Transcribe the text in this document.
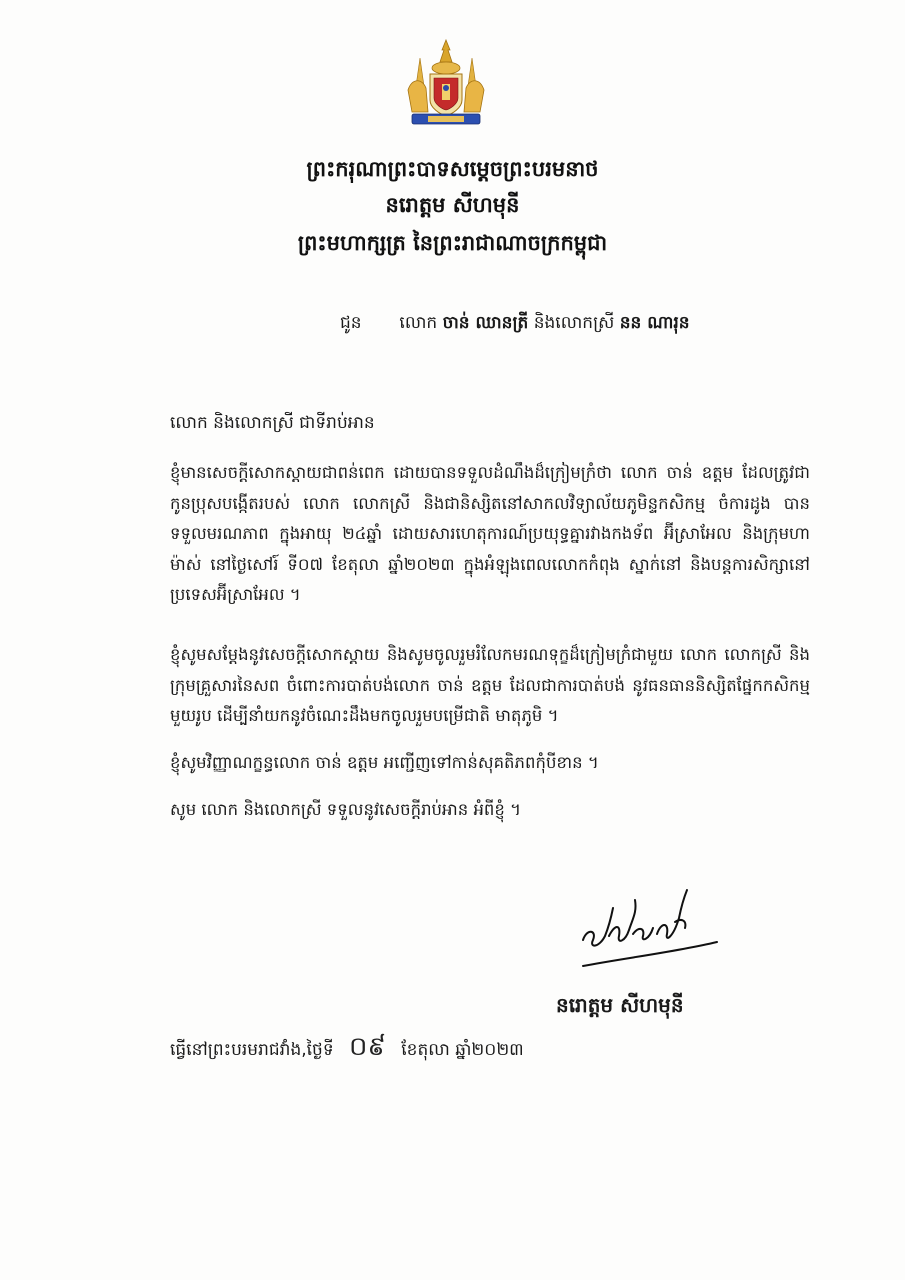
ព្រះករុណាព្រះបាទសម្តេចព្រះបរមនាថ
នរោត្តម សីហមុនី
ព្រះមហាក្សត្រ នៃព្រះរាជាណាចក្រកម្ពុជា
ជូន លោក ចាន់ ឈានត្រី និងលោកស្រី នន ណារុន
លោក និងលោកស្រី ជាទីរាប់អាន
ខ្ញុំមានសេចក្តីសោកស្តាយជាពន់ពេក ដោយបានទទួលដំណឹងដ៏ក្រៀមក្រំថា លោក ចាន់ ឧត្តម ដែលត្រូវជាកូនប្រុសបង្កើតរបស់ លោក លោកស្រី និងជានិស្សិតនៅសាកលវិទ្យាល័យភូមិន្ទកសិកម្ម ចំការដូង បានទទួលមរណភាព ក្នុងអាយុ ២៤ឆ្នាំ ដោយសារហេតុការណ៍ប្រយុទ្ធគ្នារវាងកងទ័ព អ៊ីស្រាអែល និងក្រុមហាម៉ាស់ នៅថ្ងៃសៅរ៍ ទី០៧ ខែតុលា ឆ្នាំ២០២៣ ក្នុងអំឡុងពេលលោកកំពុង ស្នាក់នៅ និងបន្តការសិក្សានៅប្រទេសអ៊ីស្រាអែល ។
ខ្ញុំសូមសម្តែងនូវសេចក្តីសោកស្តាយ និងសូមចូលរួមរំលែកមរណទុក្ខដ៏ក្រៀមក្រំជាមួយ លោក លោកស្រី និងក្រុមគ្រួសារនៃសព ចំពោះការបាត់បង់លោក ចាន់ ឧត្តម ដែលជាការបាត់បង់ នូវធនធាននិស្សិតផ្នែកកសិកម្មមួយរូប ដើម្បីនាំយកនូវចំណេះដឹងមកចូលរួមបម្រើជាតិ មាតុភូមិ ។
ខ្ញុំសូមវិញ្ញាណក្ខន្ធលោក ចាន់ ឧត្តម អញ្ជើញទៅកាន់សុគតិភពកុំបីខាន ។
សូម លោក និងលោកស្រី ទទួលនូវសេចក្តីរាប់អាន អំពីខ្ញុំ ។
នរោត្តម សីហមុនី
ធ្វើនៅព្រះបរមរាជវាំង,ថ្ងៃទី ០៩ ខែតុលា ឆ្នាំ២០២៣
